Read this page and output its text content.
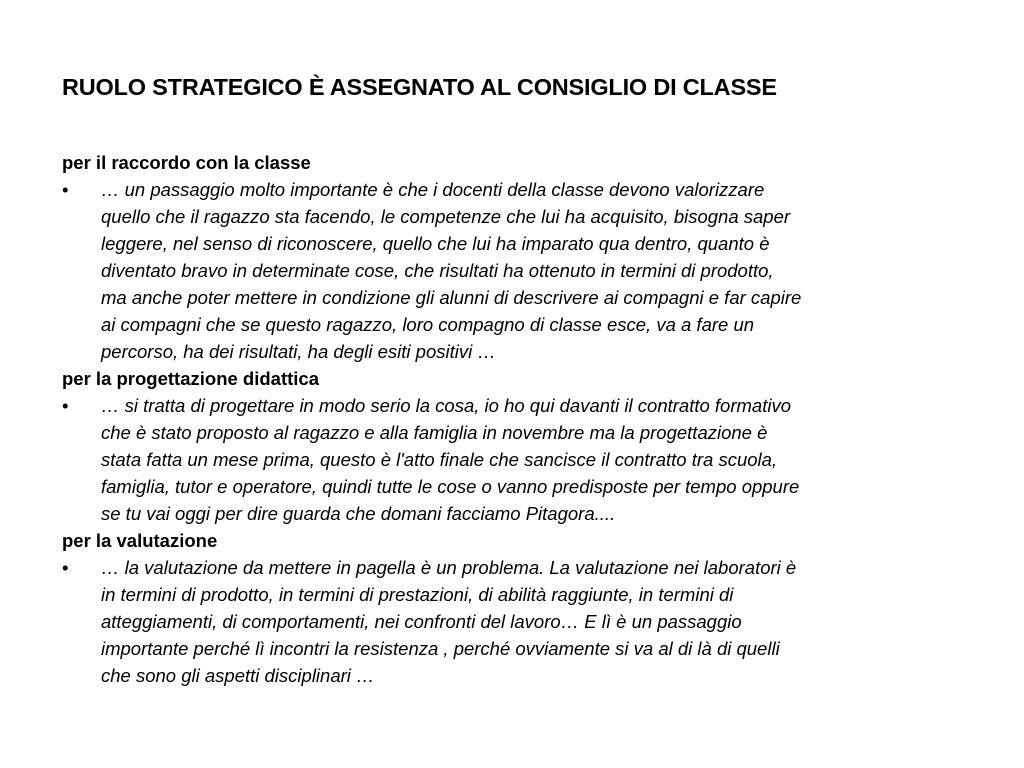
RUOLO STRATEGICO È ASSEGNATO AL CONSIGLIO DI CLASSE

per il raccordo con la classe

• … un passaggio molto importante è che i docenti della classe devono valorizzare
quello che il ragazzo sta facendo, le competenze che lui ha acquisito, bisogna saper
leggere, nel senso di riconoscere, quello che lui ha imparato qua dentro, quanto è
diventato bravo in determinate cose, che risultati ha ottenuto in termini di prodotto,
ma anche poter mettere in condizione gli alunni di descrivere ai compagni e far capire
ai compagni che se questo ragazzo, loro compagno di classe esce, va a fare un
percorso, ha dei risultati, ha degli esiti positivi …

per la progettazione didattica

• … si tratta di progettare in modo serio la cosa, io ho qui davanti il contratto formativo
che è stato proposto al ragazzo e alla famiglia in novembre ma la progettazione è
stata fatta un mese prima, questo è l'atto finale che sancisce il contratto tra scuola,
famiglia, tutor e operatore, quindi tutte le cose o vanno predisposte per tempo oppure
se tu vai oggi per dire guarda che domani facciamo Pitagora....

per la valutazione

• … la valutazione da mettere in pagella è un problema. La valutazione nei laboratori è
in termini di prodotto, in termini di prestazioni, di abilità raggiunte, in termini di
atteggiamenti, di comportamenti, nei confronti del lavoro… E lì è un passaggio
importante perché lì incontri la resistenza , perché ovviamente si va al di là di quelli
che sono gli aspetti disciplinari …
